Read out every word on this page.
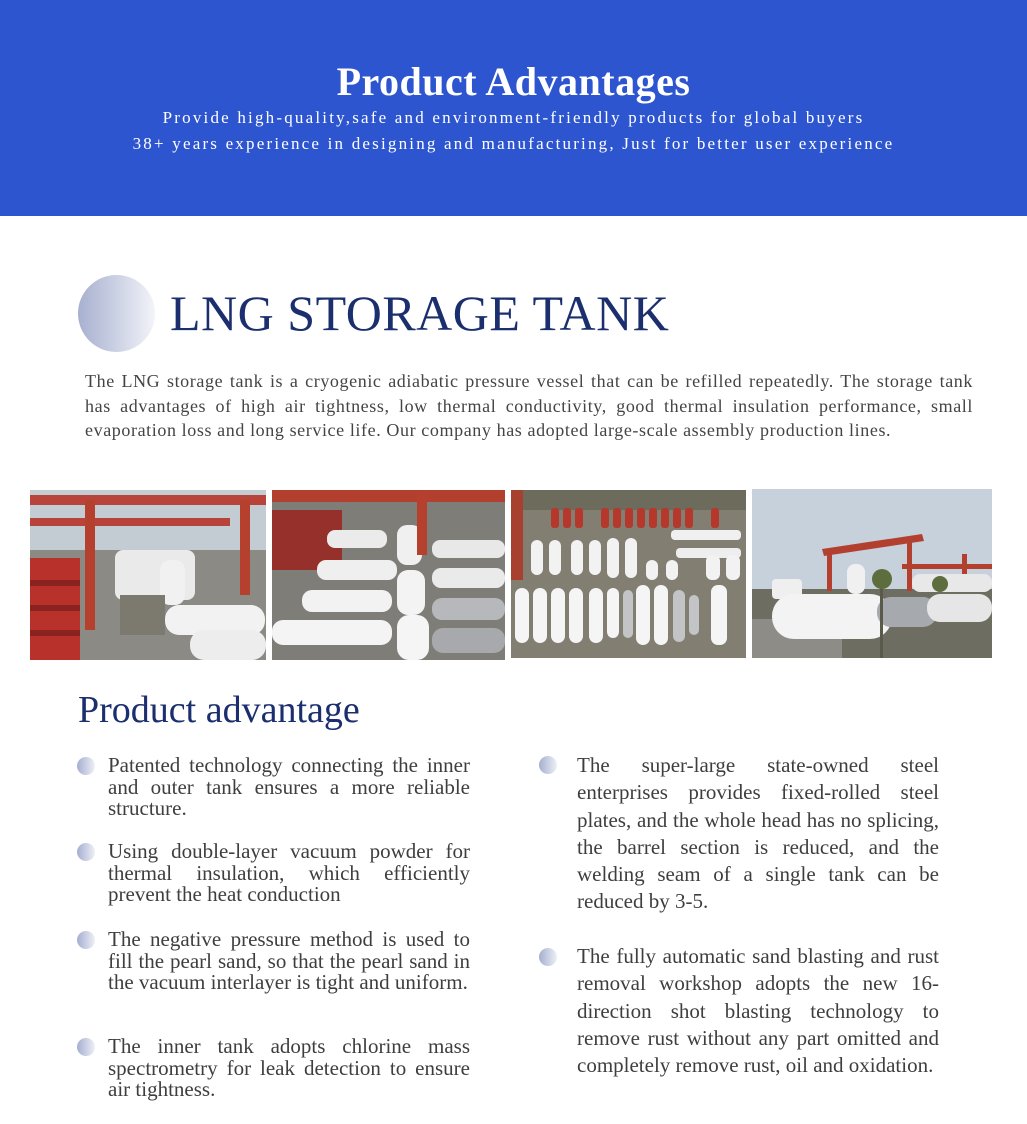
Product Advantages
Provide high-quality,safe and environment-friendly products for global buyers
38+ years experience in designing and manufacturing, Just for better user experience
LNG STORAGE TANK
The LNG storage tank is a cryogenic adiabatic pressure vessel that can be refilled repeatedly. The storage tank has advantages of high air tightness, low thermal conductivity, good thermal insulation performance, small evaporation loss and long service life. Our company has adopted large-scale assembly production lines.
Product advantage
Patented technology connecting the inner and outer tank ensures a more reliable structure.
Using double-layer vacuum powder for thermal insulation, which efficiently prevent the heat conduction
The negative pressure method is used to fill the pearl sand, so that the pearl sand in the vacuum interlayer is tight and uniform.
The inner tank adopts chlorine mass spectrometry for leak detection to ensure air tightness.
The super-large state-owned steel enterprises provides fixed-rolled steel plates, and the whole head has no splicing, the barrel section is reduced, and the welding seam of a single tank can be reduced by 3-5.
The fully automatic sand blasting and rust removal workshop adopts the new 16-direction shot blasting technology to remove rust without any part omitted and completely remove rust, oil and oxidation.
